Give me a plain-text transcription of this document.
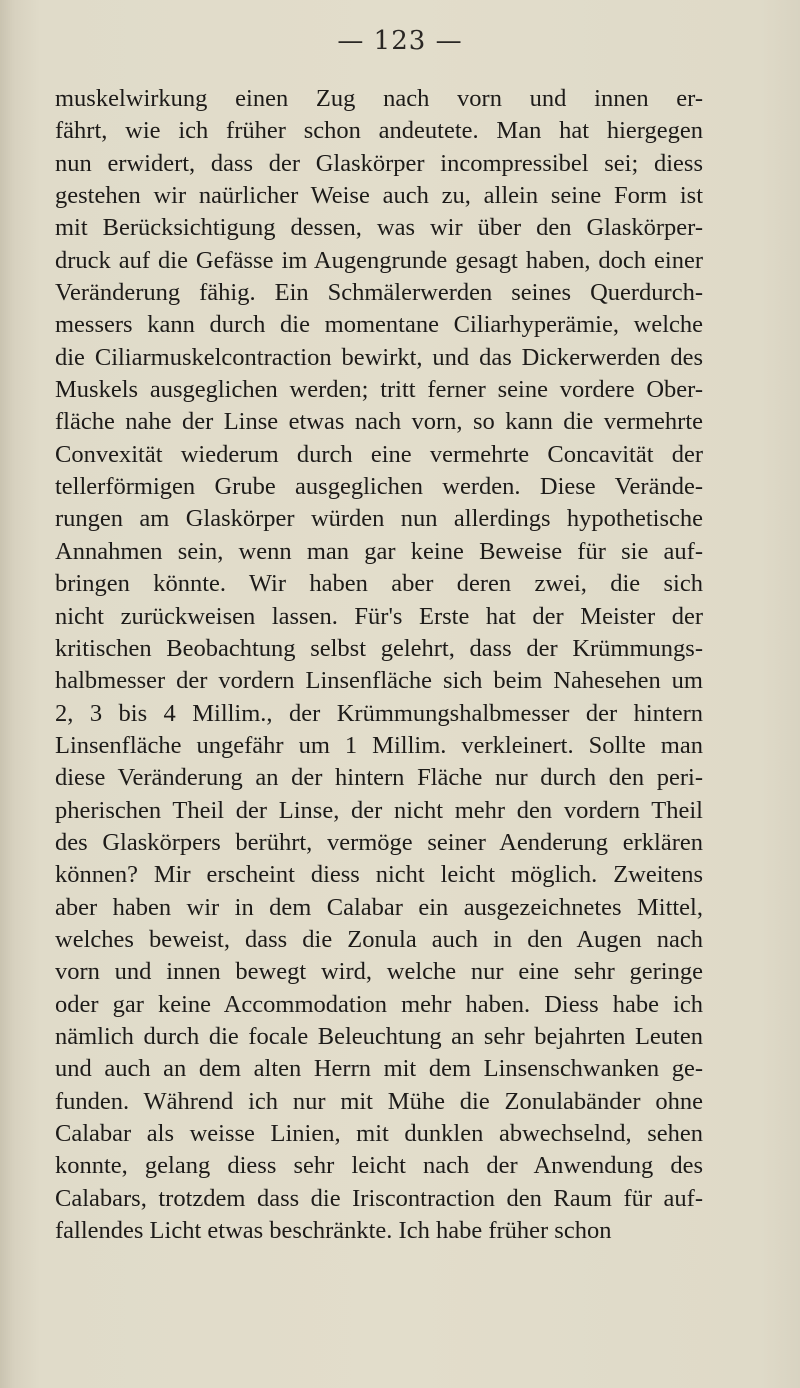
— 123 —
muskelwirkung einen Zug nach vorn und innen er-
fährt, wie ich früher schon andeutete. Man hat hiergegen
nun erwidert, dass der Glaskörper incompressibel sei; diess
gestehen wir naürlicher Weise auch zu, allein seine Form ist
mit Berücksichtigung dessen, was wir über den Glaskörper-
druck auf die Gefässe im Augengrunde gesagt haben, doch einer
Veränderung fähig. Ein Schmälerwerden seines Querdurch-
messers kann durch die momentane Ciliarhyperämie, welche
die Ciliarmuskelcontraction bewirkt, und das Dickerwerden des
Muskels ausgeglichen werden; tritt ferner seine vordere Ober-
fläche nahe der Linse etwas nach vorn, so kann die vermehrte
Convexität wiederum durch eine vermehrte Concavität der
tellerförmigen Grube ausgeglichen werden. Diese Verände-
rungen am Glaskörper würden nun allerdings hypothetische
Annahmen sein, wenn man gar keine Beweise für sie auf-
bringen könnte. Wir haben aber deren zwei, die sich
nicht zurückweisen lassen. Für's Erste hat der Meister der
kritischen Beobachtung selbst gelehrt, dass der Krümmungs-
halbmesser der vordern Linsenfläche sich beim Nahesehen um
2, 3 bis 4 Millim., der Krümmungshalbmesser der hintern
Linsenfläche ungefähr um 1 Millim. verkleinert. Sollte man
diese Veränderung an der hintern Fläche nur durch den peri-
pherischen Theil der Linse, der nicht mehr den vordern Theil
des Glaskörpers berührt, vermöge seiner Aenderung erklären
können? Mir erscheint diess nicht leicht möglich. Zweitens
aber haben wir in dem Calabar ein ausgezeichnetes Mittel,
welches beweist, dass die Zonula auch in den Augen nach
vorn und innen bewegt wird, welche nur eine sehr geringe
oder gar keine Accommodation mehr haben. Diess habe ich
nämlich durch die focale Beleuchtung an sehr bejahrten Leuten
und auch an dem alten Herrn mit dem Linsenschwanken ge-
funden. Während ich nur mit Mühe die Zonulabänder ohne
Calabar als weisse Linien, mit dunklen abwechselnd, sehen
konnte, gelang diess sehr leicht nach der Anwendung des
Calabars, trotzdem dass die Iriscontraction den Raum für auf-
fallendes Licht etwas beschränkte. Ich habe früher schon
